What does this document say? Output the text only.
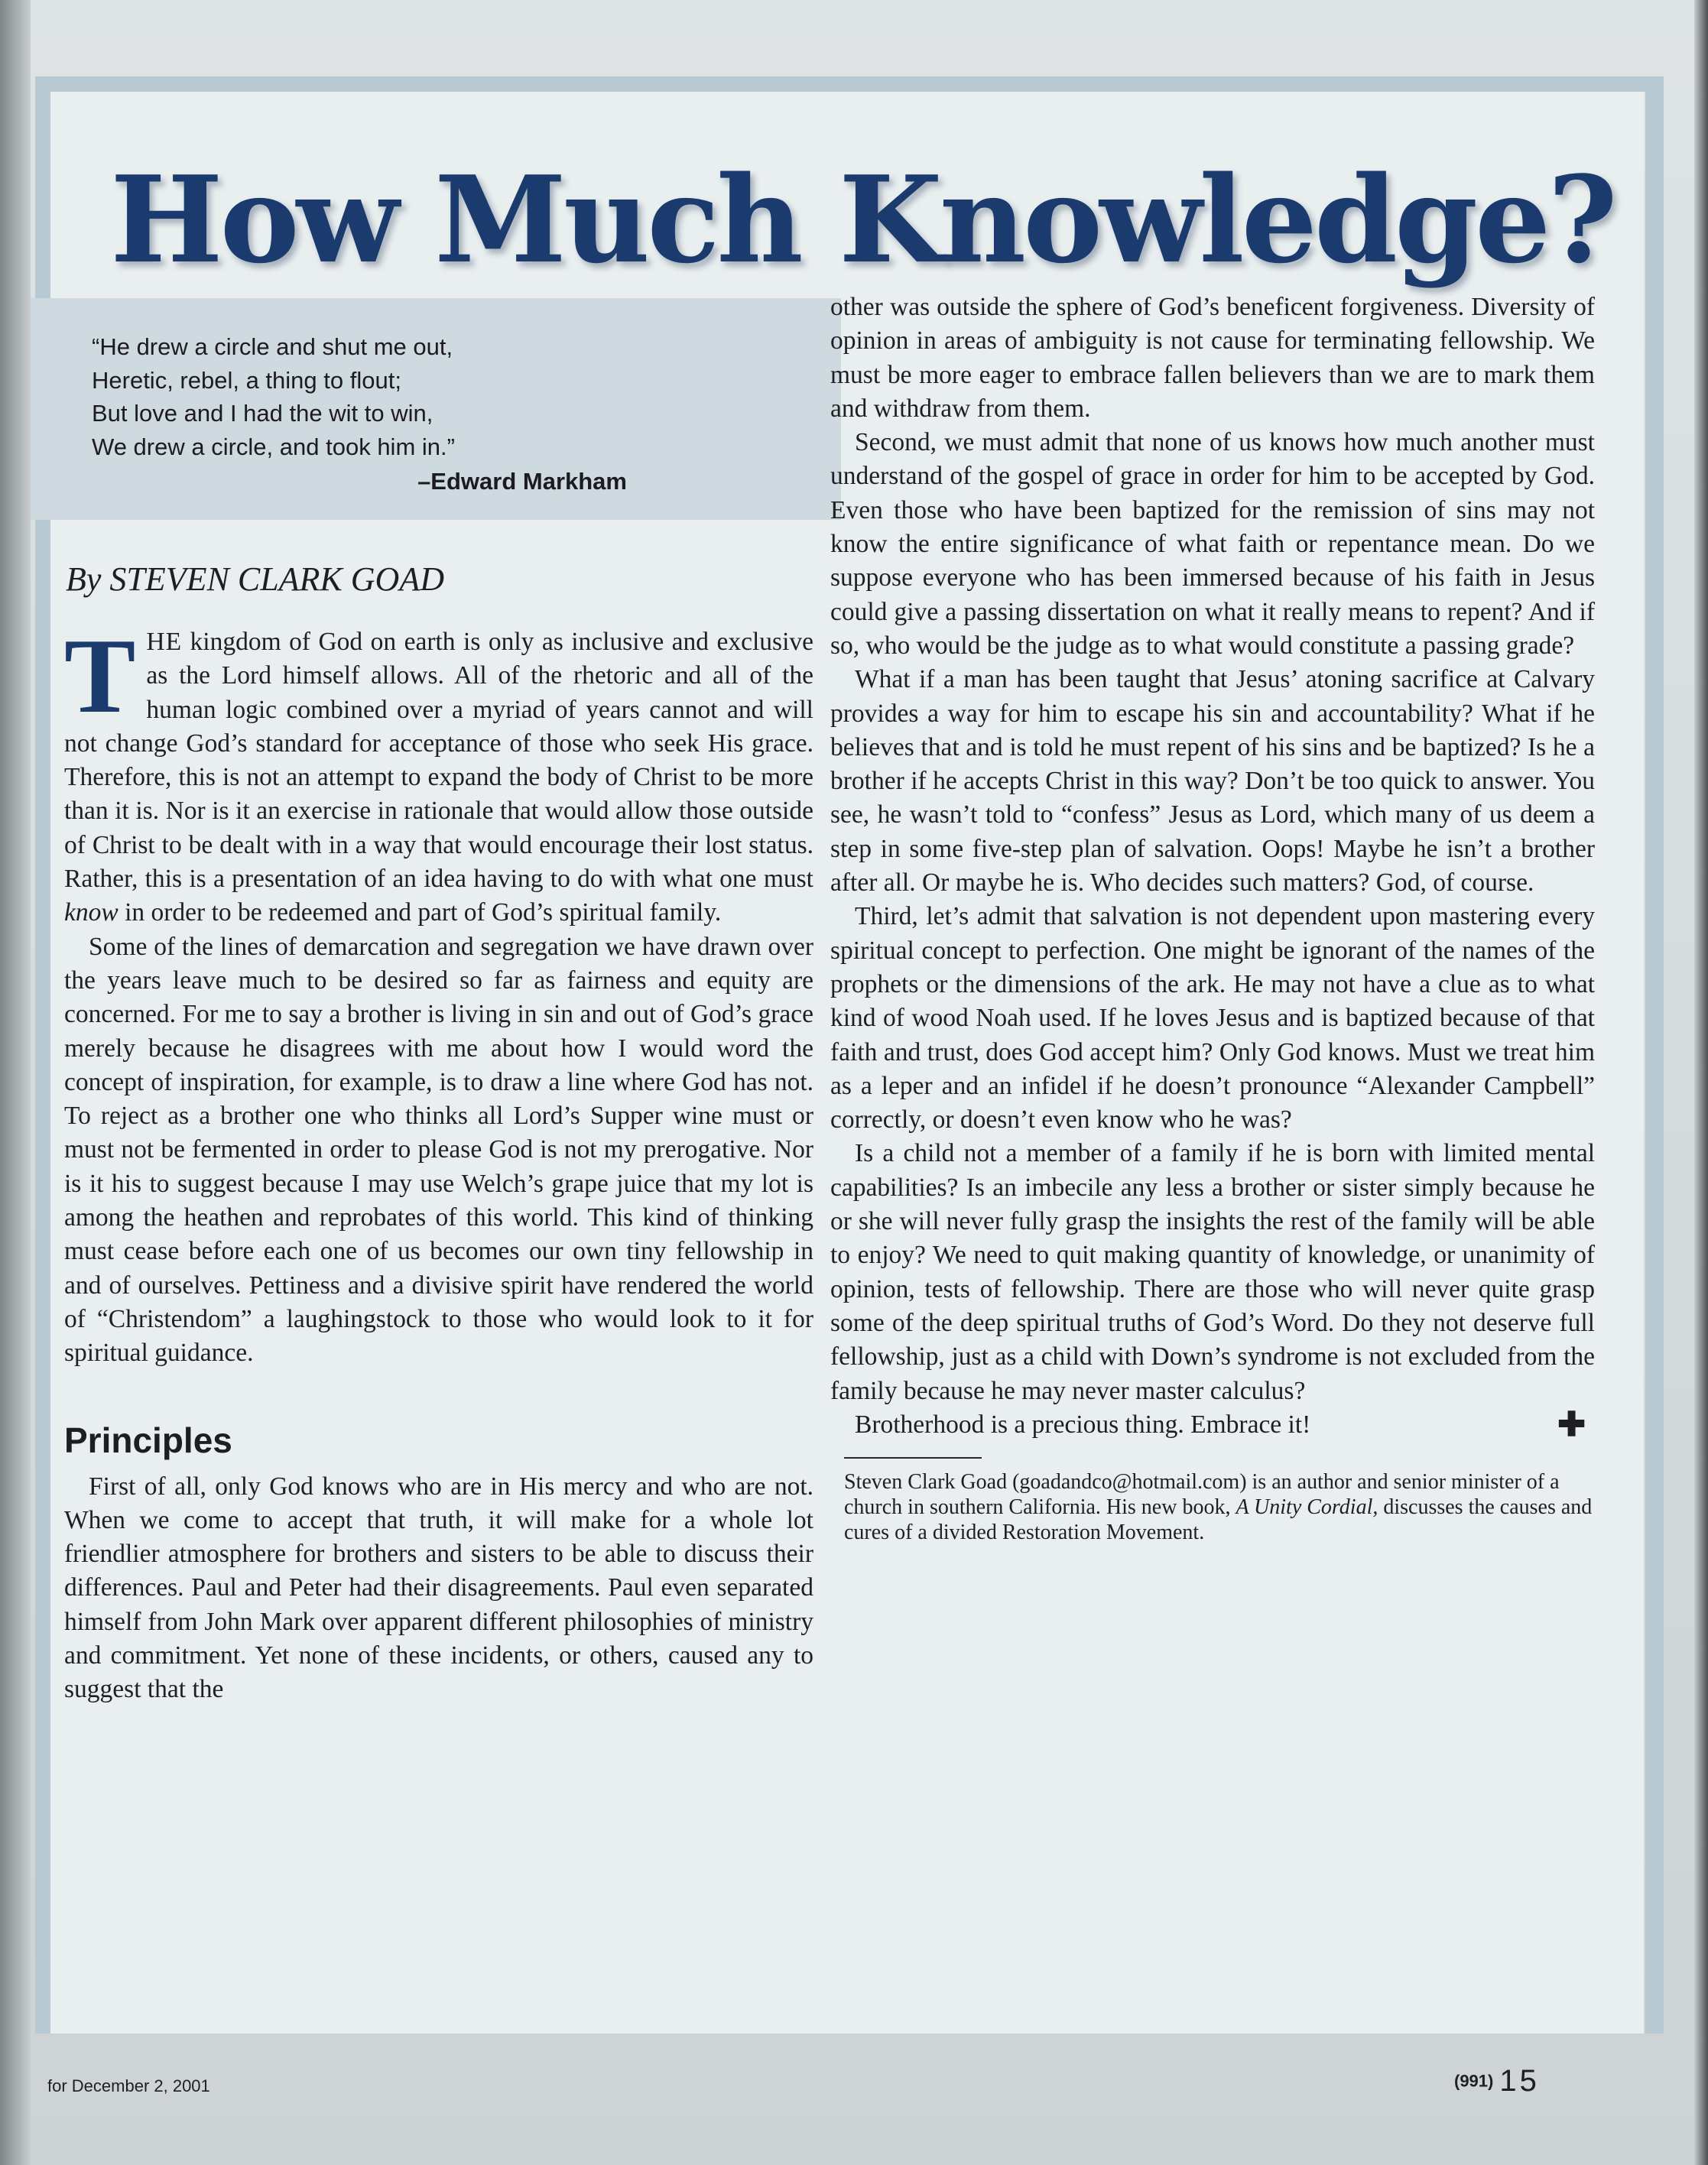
How Much Knowledge?
“He drew a circle and shut me out,
Heretic, rebel, a thing to flout;
But love and I had the wit to win,
We drew a circle, and took him in.”
–Edward Markham
By STEVEN CLARK GOAD

THE kingdom of God on earth is only as inclusive and exclusive as the Lord himself allows. All of the rhetoric and all of the human logic combined over a myriad of years cannot and will not change God’s standard for acceptance of those who seek His grace. Therefore, this is not an attempt to expand the body of Christ to be more than it is. Nor is it an exercise in rationale that would allow those outside of Christ to be dealt with in a way that would encourage their lost status. Rather, this is a presentation of an idea having to do with what one must know in order to be redeemed and part of God’s spiritual family.

Some of the lines of demarcation and segregation we have drawn over the years leave much to be desired so far as fairness and equity are concerned. For me to say a brother is living in sin and out of God’s grace merely because he disagrees with me about how I would word the concept of inspiration, for example, is to draw a line where God has not. To reject as a brother one who thinks all Lord’s Supper wine must or must not be fermented in order to please God is not my prerogative. Nor is it his to suggest because I may use Welch’s grape juice that my lot is among the heathen and reprobates of this world. This kind of thinking must cease before each one of us becomes our own tiny fellowship in and of ourselves. Pettiness and a divisive spirit have rendered the world of “Christendom” a laughingstock to those who would look to it for spiritual guidance.

Principles

First of all, only God knows who are in His mercy and who are not. When we come to accept that truth, it will make for a whole lot friendlier atmosphere for brothers and sisters to be able to discuss their differences. Paul and Peter had their disagreements. Paul even separated himself from John Mark over apparent different philosophies of ministry and commitment. Yet none of these incidents, or others, caused any to suggest that the

other was outside the sphere of God’s beneficent forgiveness. Diversity of opinion in areas of ambiguity is not cause for terminating fellowship. We must be more eager to embrace fallen believers than we are to mark them and withdraw from them.

Second, we must admit that none of us knows how much another must understand of the gospel of grace in order for him to be accepted by God. Even those who have been baptized for the remission of sins may not know the entire significance of what faith or repentance mean. Do we suppose everyone who has been immersed because of his faith in Jesus could give a passing dissertation on what it really means to repent? And if so, who would be the judge as to what would constitute a passing grade?

What if a man has been taught that Jesus’ atoning sacrifice at Calvary provides a way for him to escape his sin and accountability? What if he believes that and is told he must repent of his sins and be baptized? Is he a brother if he accepts Christ in this way? Don’t be too quick to answer. You see, he wasn’t told to “confess” Jesus as Lord, which many of us deem a step in some five-step plan of salvation. Oops! Maybe he isn’t a brother after all. Or maybe he is. Who decides such matters? God, of course.

Third, let’s admit that salvation is not dependent upon mastering every spiritual concept to perfection. One might be ignorant of the names of the prophets or the dimensions of the ark. He may not have a clue as to what kind of wood Noah used. If he loves Jesus and is baptized because of that faith and trust, does God accept him? Only God knows. Must we treat him as a leper and an infidel if he doesn’t pronounce “Alexander Campbell” correctly, or doesn’t even know who he was?

Is a child not a member of a family if he is born with limited mental capabilities? Is an imbecile any less a brother or sister simply because he or she will never fully grasp the insights the rest of the family will be able to enjoy? We need to quit making quantity of knowledge, or unanimity of opinion, tests of fellowship. There are those who will never quite grasp some of the deep spiritual truths of God’s Word. Do they not deserve full fellowship, just as a child with Down’s syndrome is not excluded from the family because he may never master calculus?

Brotherhood is a precious thing. Embrace it!	✚

Steven Clark Goad (goadandco@hotmail.com) is an author and senior minister of a church in southern California. His new book, A Unity Cordial, discusses the causes and cures of a divided Restoration Movement.

for December 2, 2001	(991) 15
